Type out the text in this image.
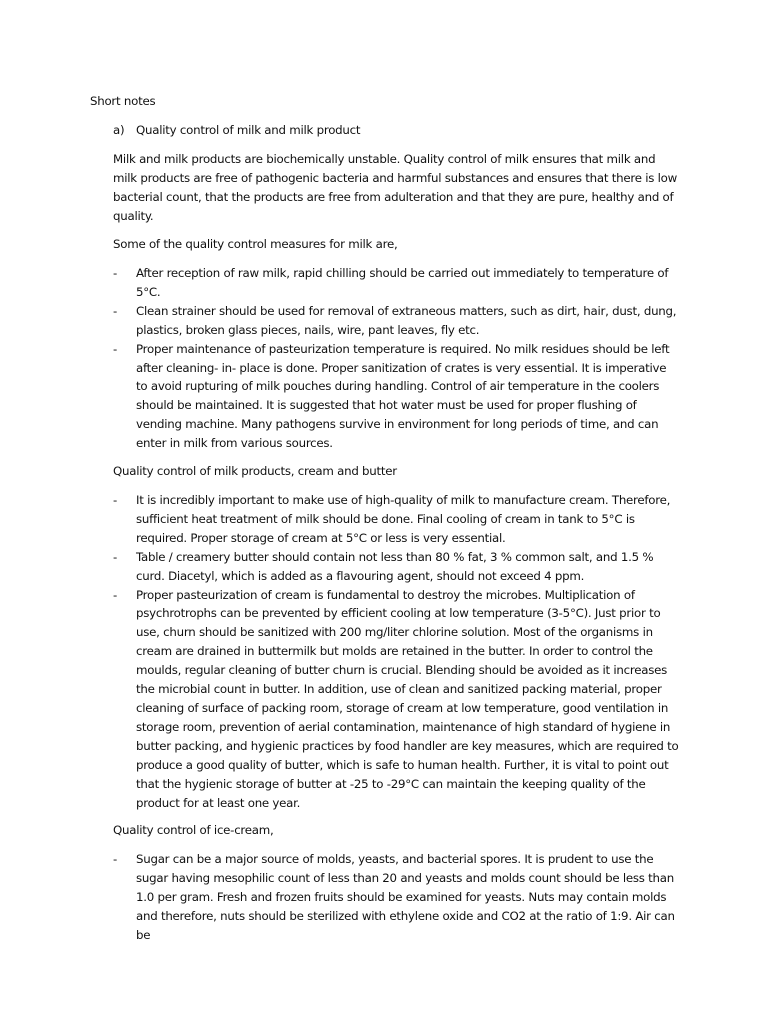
Short notes

a) Quality control of milk and milk product

Milk and milk products are biochemically unstable. Quality control of milk ensures that milk and milk products are free of pathogenic bacteria and harmful substances and ensures that there is low bacterial count, that the products are free from adulteration and that they are pure, healthy and of quality.

Some of the quality control measures for milk are,

- After reception of raw milk, rapid chilling should be carried out immediately to temperature of 5°C.
- Clean strainer should be used for removal of extraneous matters, such as dirt, hair, dust, dung, plastics, broken glass pieces, nails, wire, pant leaves, fly etc.
- Proper maintenance of pasteurization temperature is required. No milk residues should be left after cleaning- in- place is done. Proper sanitization of crates is very essential. It is imperative to avoid rupturing of milk pouches during handling. Control of air temperature in the coolers should be maintained. It is suggested that hot water must be used for proper flushing of vending machine. Many pathogens survive in environment for long periods of time, and can enter in milk from various sources.

Quality control of milk products, cream and butter

- It is incredibly important to make use of high-quality of milk to manufacture cream. Therefore, sufficient heat treatment of milk should be done. Final cooling of cream in tank to 5°C is required. Proper storage of cream at 5°C or less is very essential.
- Table / creamery butter should contain not less than 80 % fat, 3 % common salt, and 1.5 % curd. Diacetyl, which is added as a flavouring agent, should not exceed 4 ppm.
- Proper pasteurization of cream is fundamental to destroy the microbes. Multiplication of psychrotrophs can be prevented by efficient cooling at low temperature (3-5°C). Just prior to use, churn should be sanitized with 200 mg/liter chlorine solution. Most of the organisms in cream are drained in buttermilk but molds are retained in the butter. In order to control the moulds, regular cleaning of butter churn is crucial. Blending should be avoided as it increases the microbial count in butter. In addition, use of clean and sanitized packing material, proper cleaning of surface of packing room, storage of cream at low temperature, good ventilation in storage room, prevention of aerial contamination, maintenance of high standard of hygiene in butter packing, and hygienic practices by food handler are key measures, which are required to produce a good quality of butter, which is safe to human health. Further, it is vital to point out that the hygienic storage of butter at -25 to -29°C can maintain the keeping quality of the product for at least one year.

Quality control of ice-cream,

- Sugar can be a major source of molds, yeasts, and bacterial spores. It is prudent to use the sugar having mesophilic count of less than 20 and yeasts and molds count should be less than 1.0 per gram. Fresh and frozen fruits should be examined for yeasts. Nuts may contain molds and therefore, nuts should be sterilized with ethylene oxide and CO2 at the ratio of 1:9. Air can be
